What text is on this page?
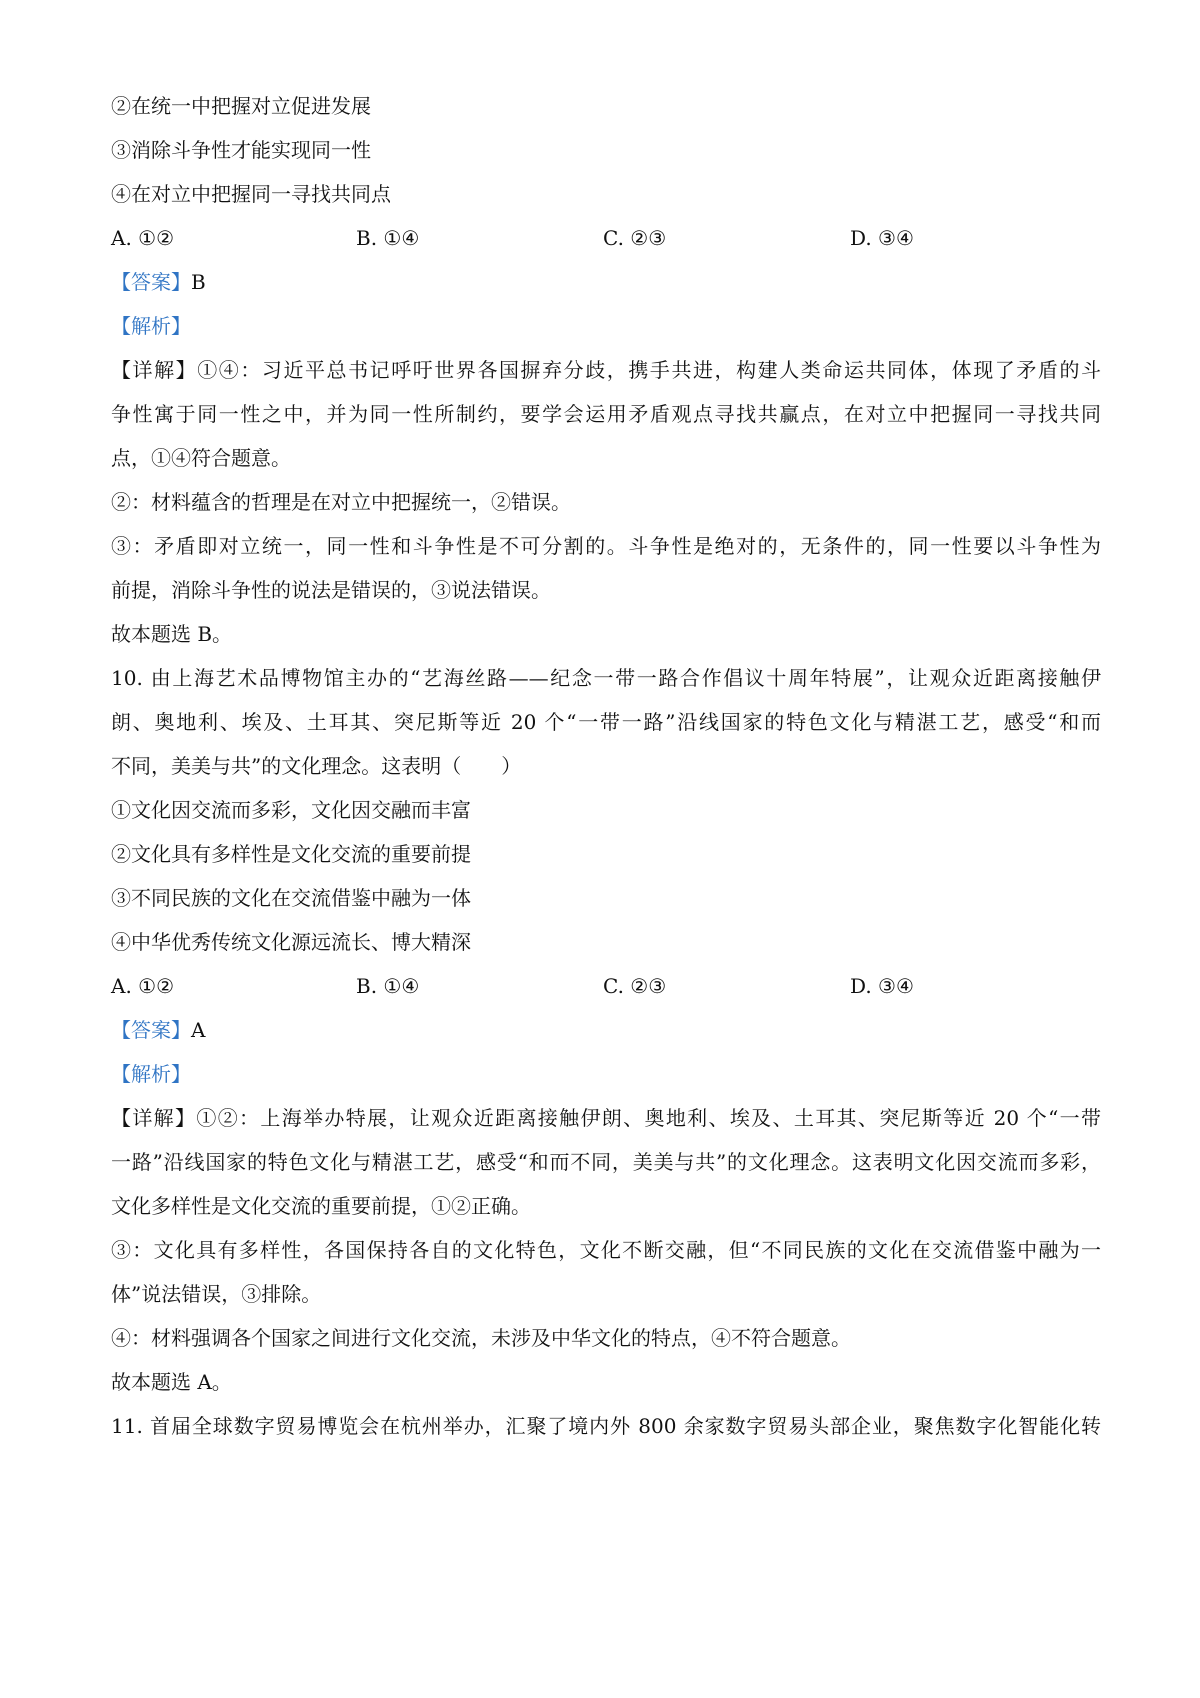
②在统一中把握对立促进发展
③消除斗争性才能实现同一性
④在对立中把握同一寻找共同点
A. ①②	B. ①④	C. ②③	D. ③④
【答案】B
【解析】
【详解】①④：习近平总书记呼吁世界各国摒弃分歧，携手共进，构建人类命运共同体，体现了矛盾的斗
争性寓于同一性之中，并为同一性所制约，要学会运用矛盾观点寻找共赢点，在对立中把握同一寻找共同
点，①④符合题意。
②：材料蕴含的哲理是在对立中把握统一，②错误。
③：矛盾即对立统一，同一性和斗争性是不可分割的。斗争性是绝对的，无条件的，同一性要以斗争性为
前提，消除斗争性的说法是错误的，③说法错误。
故本题选 B。
10. 由上海艺术品博物馆主办的“艺海丝路——纪念一带一路合作倡议十周年特展”，让观众近距离接触伊
朗、奥地利、埃及、土耳其、突尼斯等近 20 个“一带一路”沿线国家的特色文化与精湛工艺，感受“和而
不同，美美与共”的文化理念。这表明（　　）
①文化因交流而多彩，文化因交融而丰富
②文化具有多样性是文化交流的重要前提
③不同民族的文化在交流借鉴中融为一体
④中华优秀传统文化源远流长、博大精深
A. ①②	B. ①④	C. ②③	D. ③④
【答案】A
【解析】
【详解】①②：上海举办特展，让观众近距离接触伊朗、奥地利、埃及、土耳其、突尼斯等近 20 个“一带
一路”沿线国家的特色文化与精湛工艺，感受“和而不同，美美与共”的文化理念。这表明文化因交流而多彩，
文化多样性是文化交流的重要前提，①②正确。
③：文化具有多样性，各国保持各自的文化特色，文化不断交融，但“不同民族的文化在交流借鉴中融为一
体”说法错误，③排除。
④：材料强调各个国家之间进行文化交流，未涉及中华文化的特点，④不符合题意。
故本题选 A。
11. 首届全球数字贸易博览会在杭州举办，汇聚了境内外 800 余家数字贸易头部企业，聚焦数字化智能化转
